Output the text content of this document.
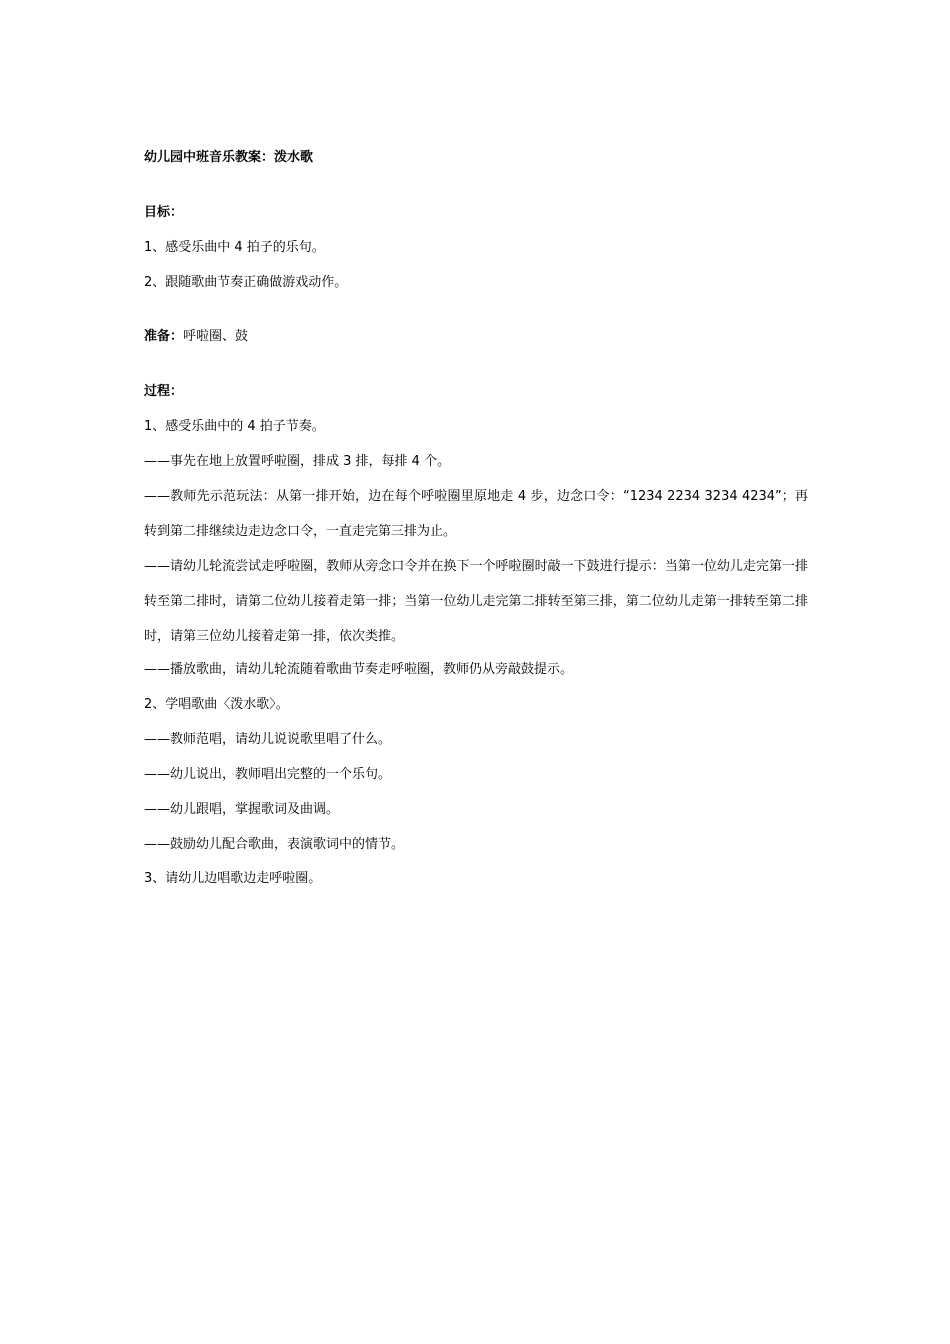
幼儿园中班音乐教案：泼水歌
目标：
1、感受乐曲中 4 拍子的乐句。
2、跟随歌曲节奏正确做游戏动作。
准备：呼啦圈、鼓
过程：
1、感受乐曲中的 4 拍子节奏。
——事先在地上放置呼啦圈，排成 3 排，每排 4 个。
——教师先示范玩法：从第一排开始，边在每个呼啦圈里原地走 4 步，边念口令：“1234 2234 3234 4234”；再转到第二排继续边走边念口令，一直走完第三排为止。
——请幼儿轮流尝试走呼啦圈，教师从旁念口令并在换下一个呼啦圈时敲一下鼓进行提示：当第一位幼儿走完第一排转至第二排时，请第二位幼儿接着走第一排；当第一位幼儿走完第二排转至第三排，第二位幼儿走第一排转至第二排时，请第三位幼儿接着走第一排，依次类推。
——播放歌曲，请幼儿轮流随着歌曲节奏走呼啦圈，教师仍从旁敲鼓提示。
2、学唱歌曲〈泼水歌〉。
——教师范唱，请幼儿说说歌里唱了什么。
——幼儿说出，教师唱出完整的一个乐句。
——幼儿跟唱，掌握歌词及曲调。
——鼓励幼儿配合歌曲，表演歌词中的情节。
3、请幼儿边唱歌边走呼啦圈。
